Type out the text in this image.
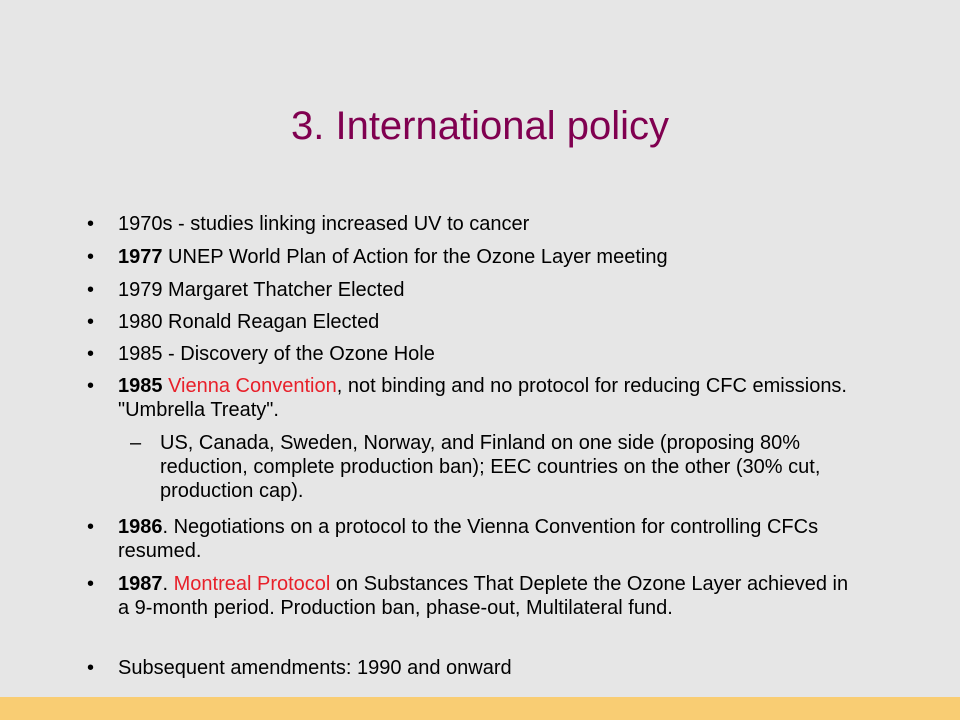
3. International policy
• 1970s - studies linking increased UV to cancer
• 1977 UNEP World Plan of Action for the Ozone Layer meeting
• 1979 Margaret Thatcher Elected
• 1980 Ronald Reagan Elected
• 1985 - Discovery of the Ozone Hole
• 1985 Vienna Convention, not binding and no protocol for reducing CFC emissions. "Umbrella Treaty".
– US, Canada, Sweden, Norway, and Finland on one side (proposing 80% reduction, complete production ban); EEC countries on the other (30% cut, production cap).
• 1986. Negotiations on a protocol to the Vienna Convention for controlling CFCs resumed.
• 1987. Montreal Protocol on Substances That Deplete the Ozone Layer achieved in a 9-month period. Production ban, phase-out, Multilateral fund.
• Subsequent amendments: 1990 and onward
